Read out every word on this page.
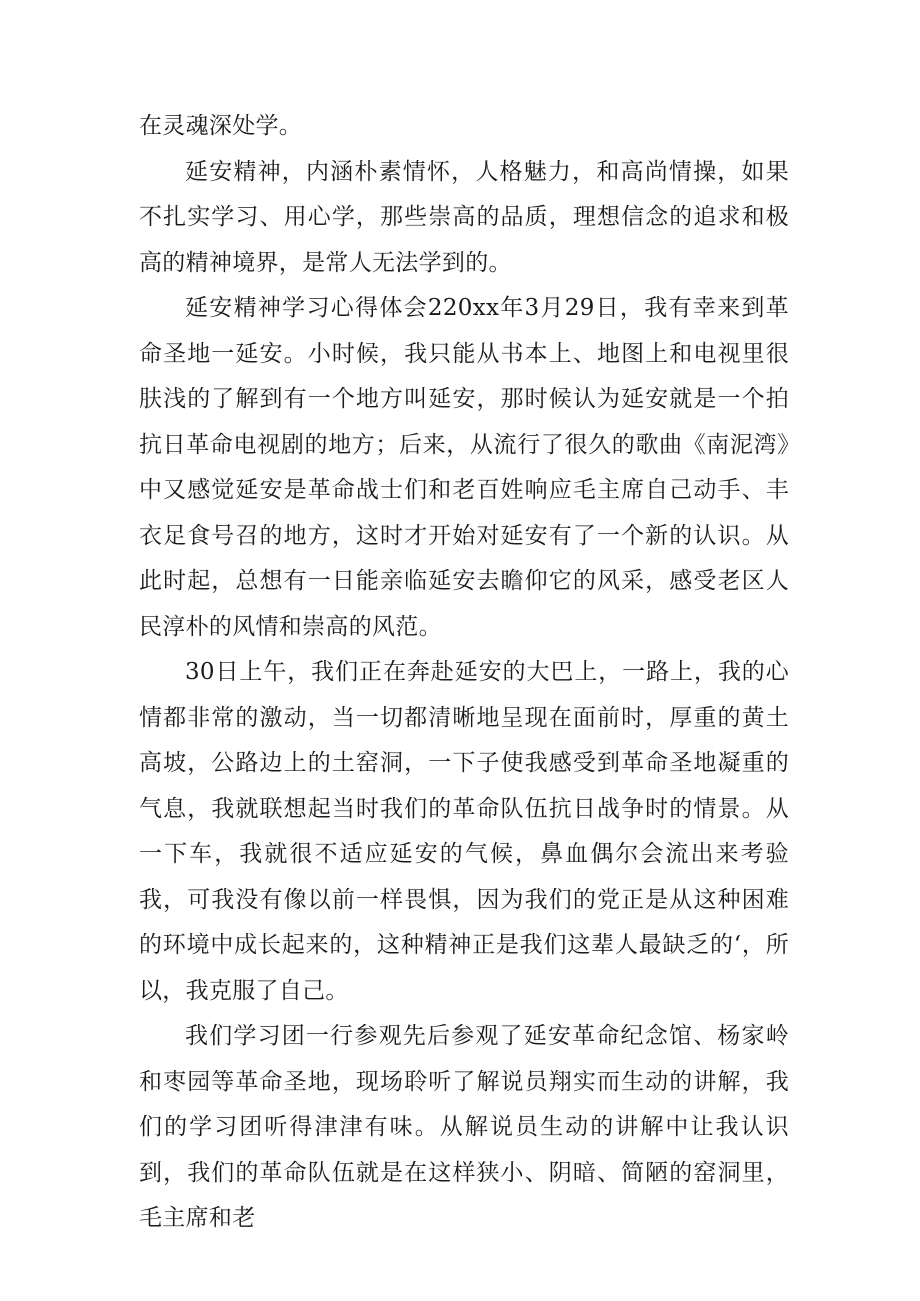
在灵魂深处学。

延安精神，内涵朴素情怀，人格魅力，和高尚情操，如果不扎实学习、用心学，那些崇高的品质，理想信念的追求和极高的精神境界，是常人无法学到的。

延安精神学习心得体会220xx年3月29日，我有幸来到革命圣地一延安。小时候，我只能从书本上、地图上和电视里很肤浅的了解到有一个地方叫延安，那时候认为延安就是一个拍抗日革命电视剧的地方；后来，从流行了很久的歌曲《南泥湾》中又感觉延安是革命战士们和老百姓响应毛主席自己动手、丰衣足食号召的地方，这时才开始对延安有了一个新的认识。从此时起，总想有一日能亲临延安去瞻仰它的风采，感受老区人民淳朴的风情和崇高的风范。

30日上午，我们正在奔赴延安的大巴上，一路上，我的心情都非常的激动，当一切都清晰地呈现在面前时，厚重的黄土高坡，公路边上的土窑洞，一下子使我感受到革命圣地凝重的气息，我就联想起当时我们的革命队伍抗日战争时的情景。从一下车，我就很不适应延安的气候，鼻血偶尔会流出来考验我，可我没有像以前一样畏惧，因为我们的党正是从这种困难的环境中成长起来的，这种精神正是我们这辈人最缺乏的‘，所以，我克服了自己。

我们学习团一行参观先后参观了延安革命纪念馆、杨家岭和枣园等革命圣地，现场聆听了解说员翔实而生动的讲解，我们的学习团听得津津有味。从解说员生动的讲解中让我认识到，我们的革命队伍就是在这样狭小、阴暗、简陋的窑洞里，毛主席和老
